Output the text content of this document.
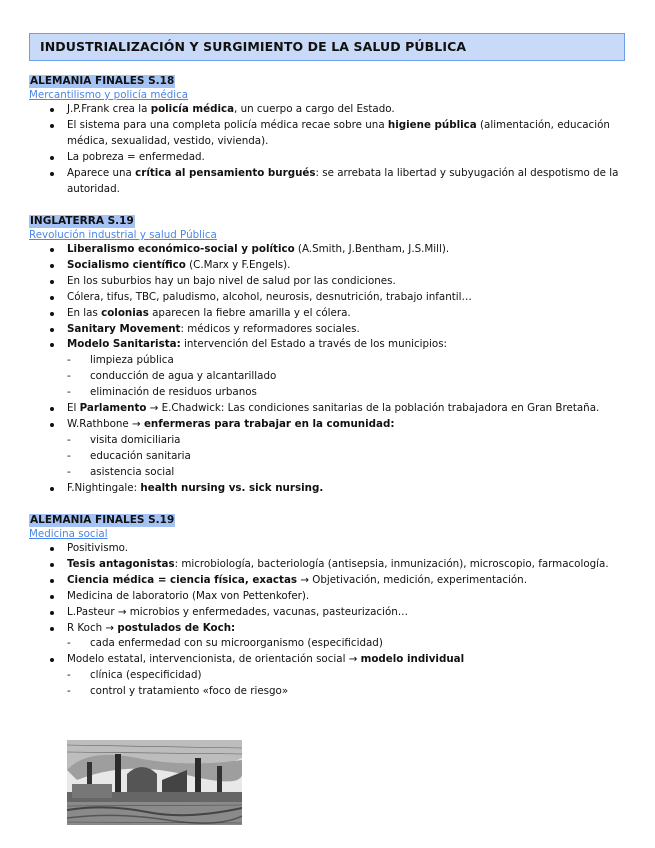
INDUSTRIALIZACIÓN Y SURGIMIENTO DE LA SALUD PÚBLICA
ALEMANIA FINALES S.18
Mercantilismo y policía médica
J.P.Frank crea la policía médica, un cuerpo a cargo del Estado.
El sistema para una completa policía médica recae sobre una higiene pública (alimentación, educación médica, sexualidad, vestido, vivienda).
La pobreza = enfermedad.
Aparece una crítica al pensamiento burgués: se arrebata la libertad y subyugación al despotismo de la autoridad.
INGLATERRA S.19
Revolución industrial y salud Pública
Liberalismo económico-social y político (A.Smith, J.Bentham, J.S.Mill).
Socialismo científico (C.Marx y F.Engels).
En los suburbios hay un bajo nivel de salud por las condiciones.
Cólera, tifus, TBC, paludismo, alcohol, neurosis, desnutrición, trabajo infantil…
En las colonias aparecen la fiebre amarilla y el cólera.
Sanitary Movement: médicos y reformadores sociales.
Modelo Sanitarista: intervención del Estado a través de los municipios:
- limpieza pública
- conducción de agua y alcantarillado
- eliminación de residuos urbanos
El Parlamento → E.Chadwick: Las condiciones sanitarias de la población trabajadora en Gran Bretaña.
W.Rathbone → enfermeras para trabajar en la comunidad:
- visita domiciliaria
- educación sanitaria
- asistencia social
F.Nightingale: health nursing vs. sick nursing.
ALEMANIA FINALES S.19
Medicina social
Positivismo.
Tesis antagonistas: microbiología, bacteriología (antisepsia, inmunización), microscopio, farmacología.
Ciencia médica = ciencia física, exactas → Objetivación, medición, experimentación.
Medicina de laboratorio (Max von Pettenkofer).
L.Pasteur → microbios y enfermedades, vacunas, pasteurización…
R Koch → postulados de Koch:
- cada enfermedad con su microorganismo (especificidad)
Modelo estatal, intervencionista, de orientación social → modelo individual
- clínica (especificidad)
- control y tratamiento «foco de riesgo»
